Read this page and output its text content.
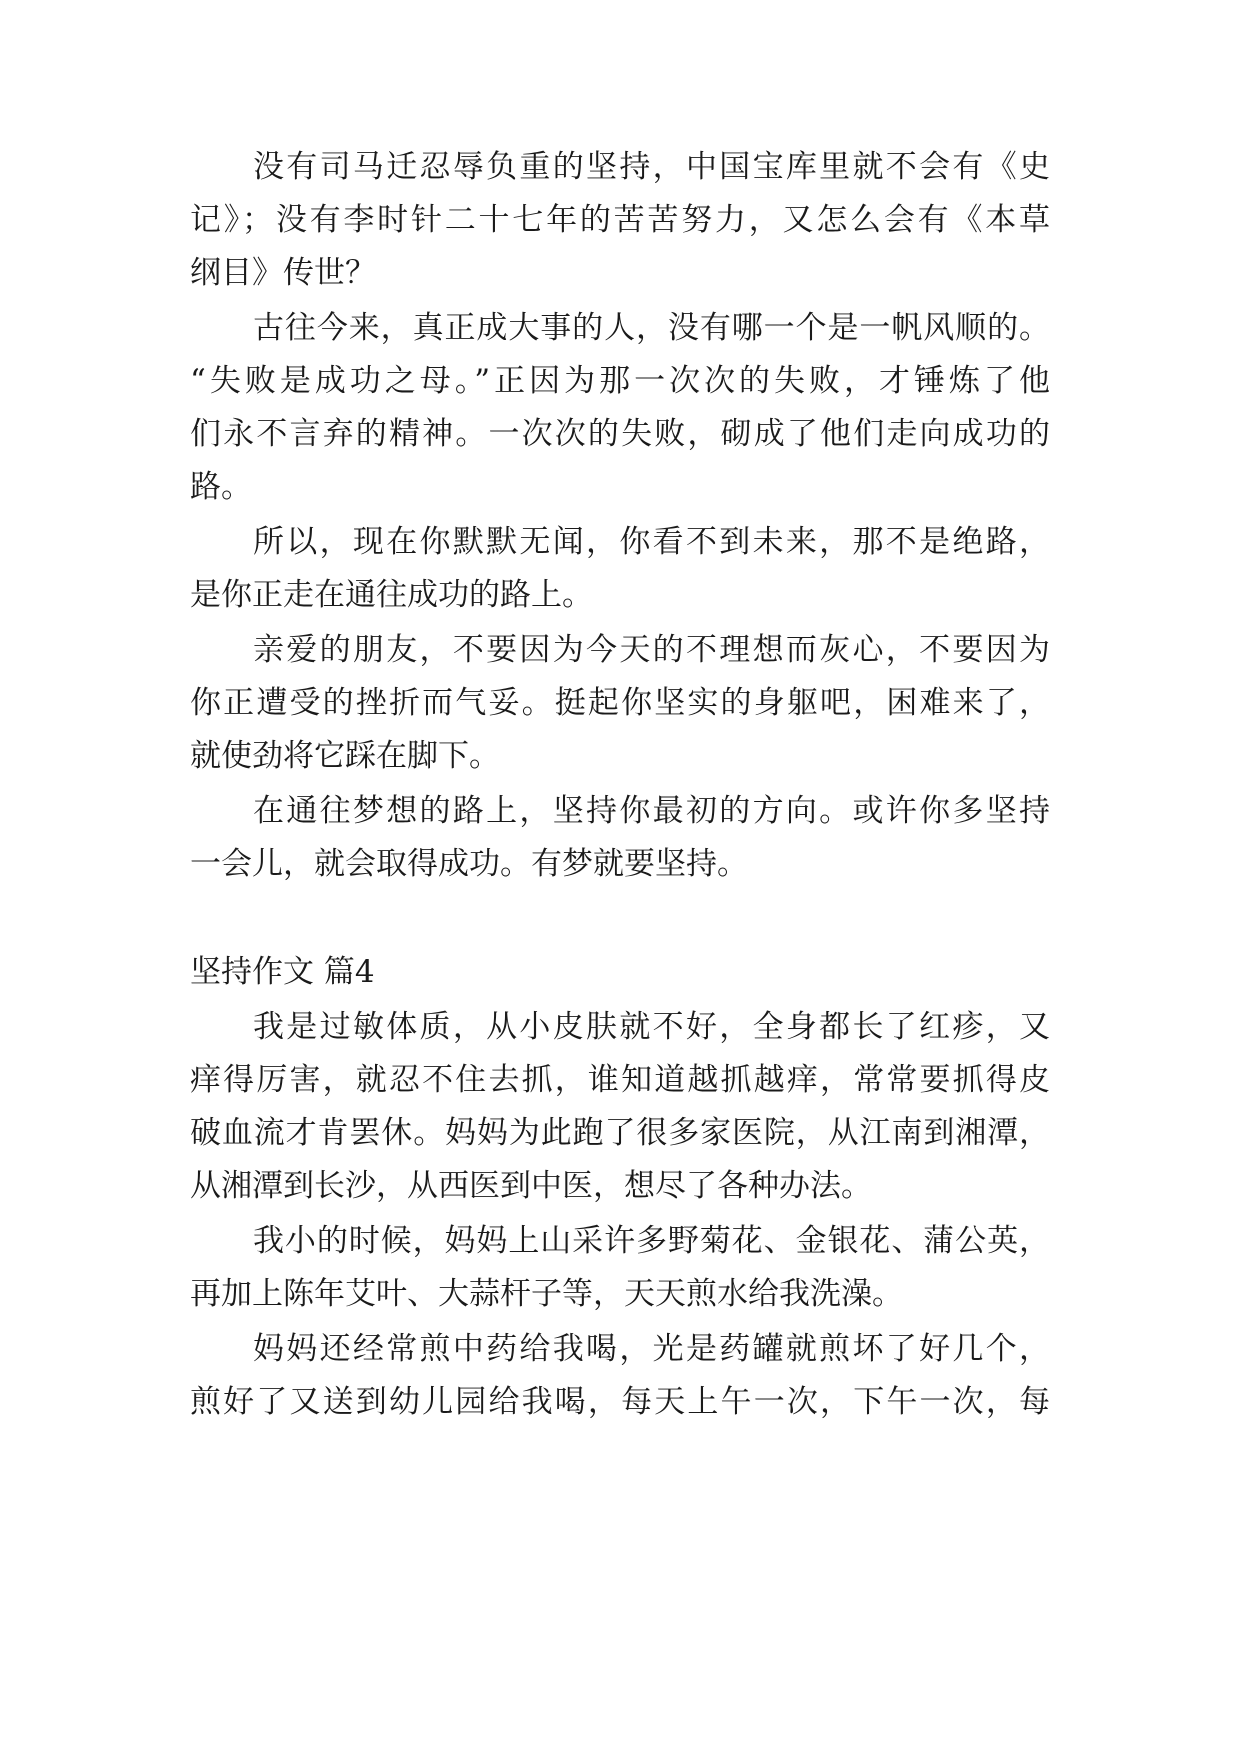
没有司马迁忍辱负重的坚持，中国宝库里就不会有《史

记》；没有李时针二十七年的苦苦努力，又怎么会有《本草

纲目》传世？

古往今来，真正成大事的人，没有哪一个是一帆风顺的。

“失败是成功之母。”正因为那一次次的失败，才锤炼了他

们永不言弃的精神。一次次的失败，砌成了他们走向成功的

路。

所以，现在你默默无闻，你看不到未来，那不是绝路，

是你正走在通往成功的路上。

亲爱的朋友，不要因为今天的不理想而灰心，不要因为

你正遭受的挫折而气妥。挺起你坚实的身躯吧，困难来了，

就使劲将它踩在脚下。

在通往梦想的路上，坚持你最初的方向。或许你多坚持

一会儿，就会取得成功。有梦就要坚持。

坚持作文 篇4

我是过敏体质，从小皮肤就不好，全身都长了红疹，又

痒得厉害，就忍不住去抓，谁知道越抓越痒，常常要抓得皮

破血流才肯罢休。妈妈为此跑了很多家医院，从江南到湘潭，

从湘潭到长沙，从西医到中医，想尽了各种办法。

我小的时候，妈妈上山采许多野菊花、金银花、蒲公英，

再加上陈年艾叶、大蒜杆子等，天天煎水给我洗澡。

妈妈还经常煎中药给我喝，光是药罐就煎坏了好几个，

煎好了又送到幼儿园给我喝，每天上午一次，下午一次，每
